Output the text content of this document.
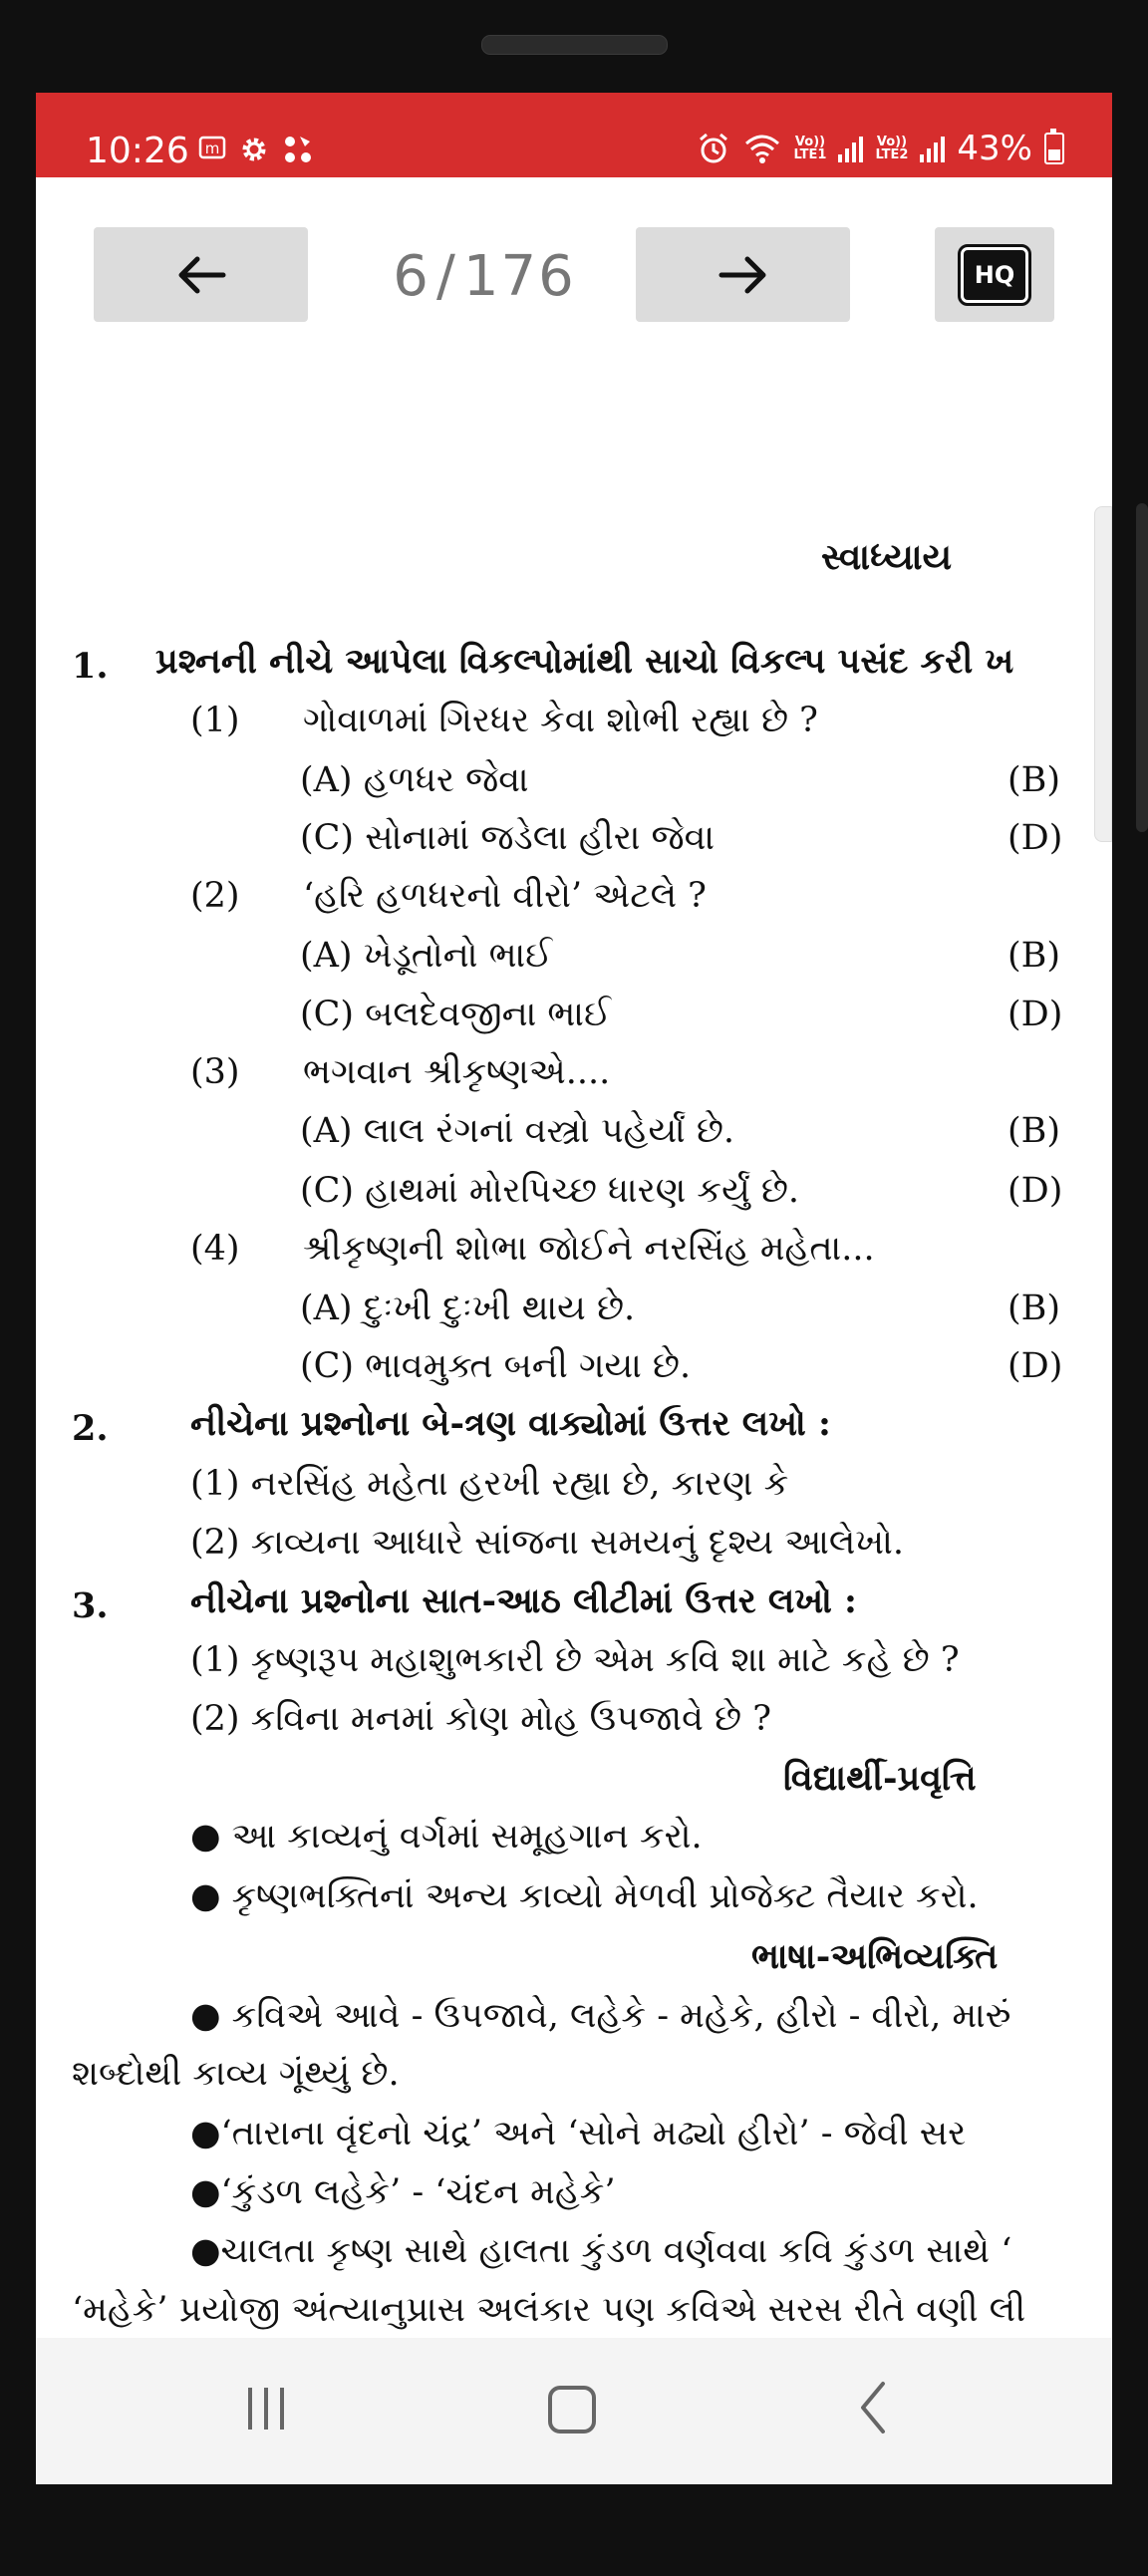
10:26 m	Vo))
LTE1
Vo))
LTE2 43%
6 / 176	HQ
સ્વાધ્યાય
1. પ્રશ્નની નીચે આપેલા વિકલ્પોમાંથી સાચો વિકલ્પ પસંદ કરી ખ
(1) ગોવાળમાં ગિરધર કેવા શોભી રહ્યા છે ?
(A) હળધર જેવા	(B)
(C) સોનામાં જડેલા હીરા જેવા	(D)
(2) ‘હરિ હળધરનો વીરો’ એટલે ?
(A) ખેડૂતોનો ભાઈ	(B)
(C) બલદેવજીના ભાઈ	(D)
(3) ભગવાન શ્રીકૃષ્ણએ....
(A) લાલ રંગનાં વસ્ત્રો પહેર્યાં છે.	(B)
(C) હાથમાં મોરપિચ્છ ધારણ કર્યું છે.	(D)
(4) શ્રીકૃષ્ણની શોભા જોઈને નરસિંહ મહેતા...
(A) દુઃખી દુઃખી થાય છે.	(B)
(C) ભાવમુક્ત બની ગયા છે.	(D)
2. નીચેના પ્રશ્નોના બે-ત્રણ વાક્યોમાં ઉત્તર લખો :
(1) નરસિંહ મહેતા હરખી રહ્યા છે, કારણ કે
(2) કાવ્યના આધારે સાંજના સમયનું દૃશ્ય આલેખો.
3. નીચેના પ્રશ્નોના સાત-આઠ લીટીમાં ઉત્તર લખો :
(1) કૃષ્ણરૂપ મહાશુભકારી છે એમ કવિ શા માટે કહે છે ?
(2) કવિના મનમાં કોણ મોહ ઉપજાવે છે ?
વિદ્યાર્થી-પ્રવૃત્તિ
● આ કાવ્યનું વર્ગમાં સમૂહગાન કરો.
● કૃષ્ણભક્તિનાં અન્ય કાવ્યો મેળવી પ્રોજેક્ટ તૈયાર કરો.
ભાષા-અભિવ્યક્તિ
● કવિએ આવે - ઉપજાવે, લહેકે - મહેકે, હીરો - વીરો, મારું
શબ્દોથી કાવ્ય ગૂંથ્યું છે.
●‘તારાના વૃંદનો ચંદ્ર’ અને ‘સોને મઢ્યો હીરો’ - જેવી સર
●‘કુંડળ લહેકે’ - ‘ચંદન મહેકે’
●ચાલતા કૃષ્ણ સાથે હાલતા કુંડળ વર્ણવવા કવિ કુંડળ સાથે ‘
‘મહેકે’ પ્રયોજી અંત્યાનુપ્રાસ અલંકાર પણ કવિએ સરસ રીતે વણી લી
